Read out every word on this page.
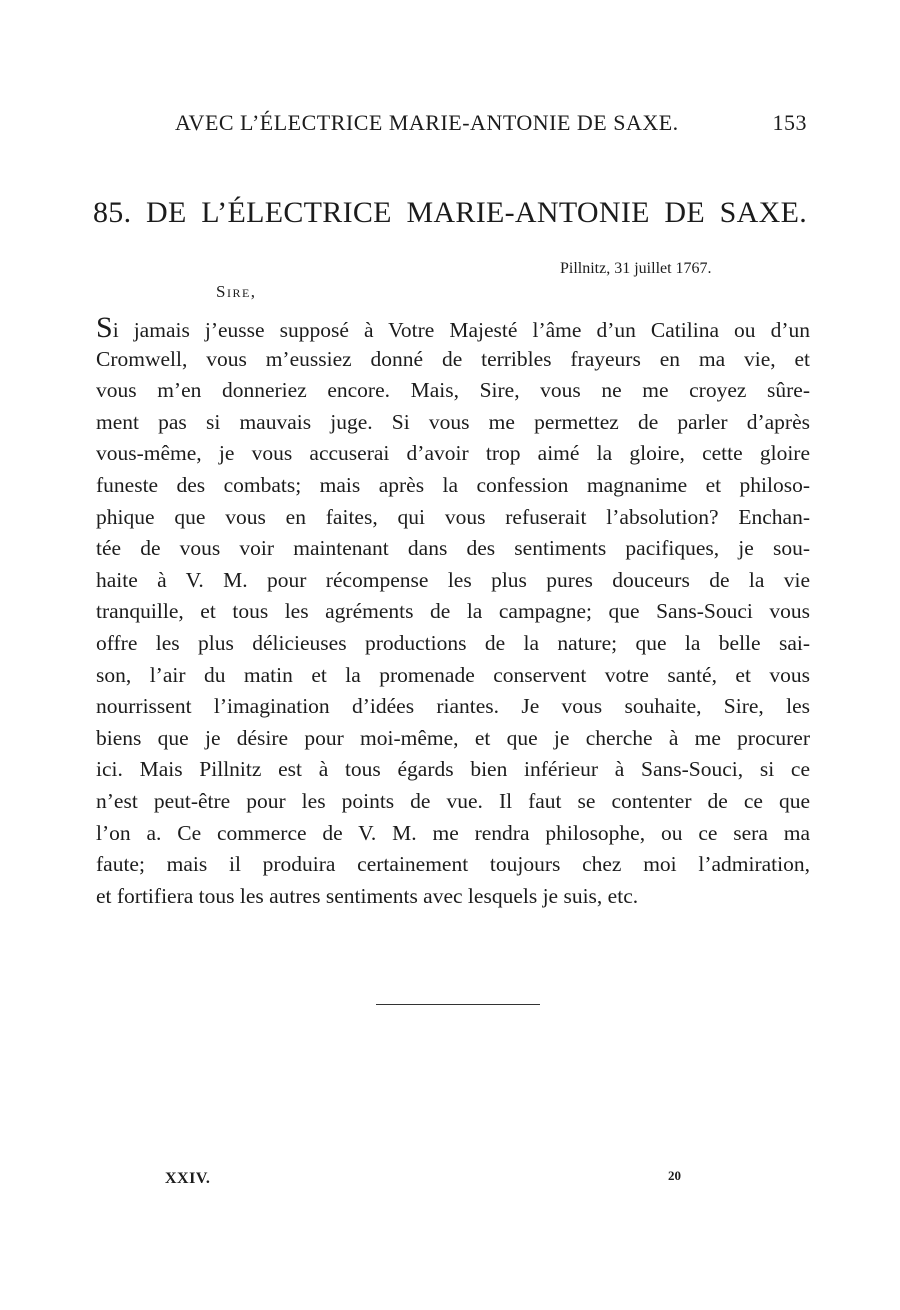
AVEC L’ÉLECTRICE MARIE-ANTONIE DE SAXE.	153
85. DE L’ÉLECTRICE MARIE-ANTONIE DE SAXE.
Pillnitz, 31 juillet 1767.
Sire,
Si jamais j’eusse supposé à Votre Majesté l’âme d’un Catilina ou d’un
Cromwell, vous m’eussiez donné de terribles frayeurs en ma vie, et
vous m’en donneriez encore. Mais, Sire, vous ne me croyez sûre-
ment pas si mauvais juge. Si vous me permettez de parler d’après
vous-même, je vous accuserai d’avoir trop aimé la gloire, cette gloire
funeste des combats; mais après la confession magnanime et philoso-
phique que vous en faites, qui vous refuserait l’absolution? Enchan-
tée de vous voir maintenant dans des sentiments pacifiques, je sou-
haite à V. M. pour récompense les plus pures douceurs de la vie
tranquille, et tous les agréments de la campagne; que Sans-Souci vous
offre les plus délicieuses productions de la nature; que la belle sai-
son, l’air du matin et la promenade conservent votre santé, et vous
nourrissent l’imagination d’idées riantes. Je vous souhaite, Sire, les
biens que je désire pour moi-même, et que je cherche à me procurer
ici. Mais Pillnitz est à tous égards bien inférieur à Sans-Souci, si ce
n’est peut-être pour les points de vue. Il faut se contenter de ce que
l’on a. Ce commerce de V. M. me rendra philosophe, ou ce sera ma
faute; mais il produira certainement toujours chez moi l’admiration,
et fortifiera tous les autres sentiments avec lesquels je suis, etc.
XXIV.	20
